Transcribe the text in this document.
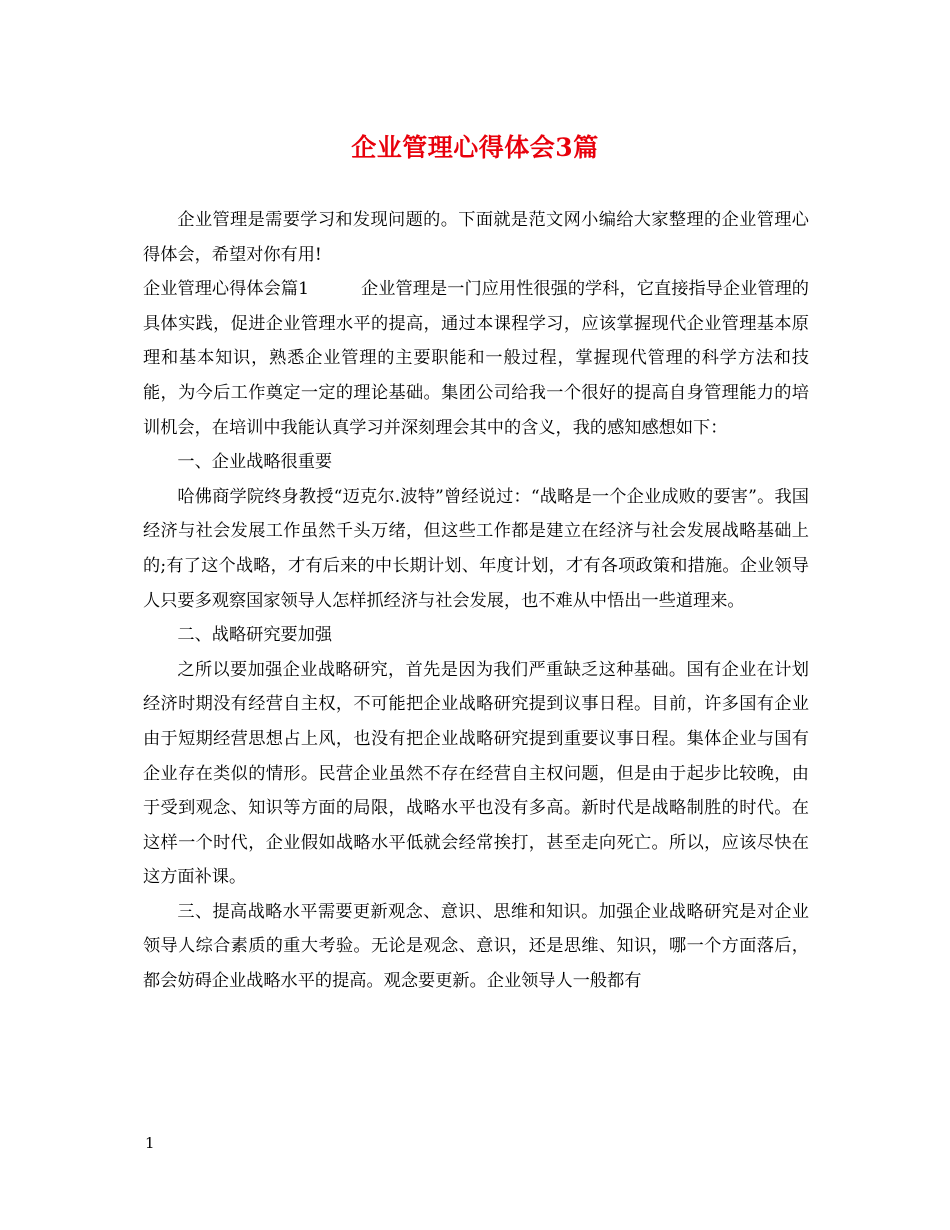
企业管理心得体会3篇

企业管理是需要学习和发现问题的。下面就是范文网小编给大家整理的企业管理心得体会，希望对你有用!

企业管理心得体会篇1	企业管理是一门应用性很强的学科，它直接指导企业管理的具体实践，促进企业管理水平的提高，通过本课程学习，应该掌握现代企业管理基本原理和基本知识，熟悉企业管理的主要职能和一般过程，掌握现代管理的科学方法和技能，为今后工作奠定一定的理论基础。集团公司给我一个很好的提高自身管理能力的培训机会，在培训中我能认真学习并深刻理会其中的含义，我的感知感想如下：

一、企业战略很重要

哈佛商学院终身教授“迈克尔.波特”曾经说过：“战略是一个企业成败的要害”。我国经济与社会发展工作虽然千头万绪，但这些工作都是建立在经济与社会发展战略基础上的;有了这个战略，才有后来的中长期计划、年度计划，才有各项政策和措施。企业领导人只要多观察国家领导人怎样抓经济与社会发展，也不难从中悟出一些道理来。

二、战略研究要加强

之所以要加强企业战略研究，首先是因为我们严重缺乏这种基础。国有企业在计划经济时期没有经营自主权，不可能把企业战略研究提到议事日程。目前，许多国有企业由于短期经营思想占上风，也没有把企业战略研究提到重要议事日程。集体企业与国有企业存在类似的情形。民营企业虽然不存在经营自主权问题，但是由于起步比较晚，由于受到观念、知识等方面的局限，战略水平也没有多高。新时代是战略制胜的时代。在这样一个时代，企业假如战略水平低就会经常挨打，甚至走向死亡。所以，应该尽快在这方面补课。

三、提高战略水平需要更新观念、意识、思维和知识。加强企业战略研究是对企业领导人综合素质的重大考验。无论是观念、意识，还是思维、知识，哪一个方面落后，都会妨碍企业战略水平的提高。观念要更新。企业领导人一般都有

1
